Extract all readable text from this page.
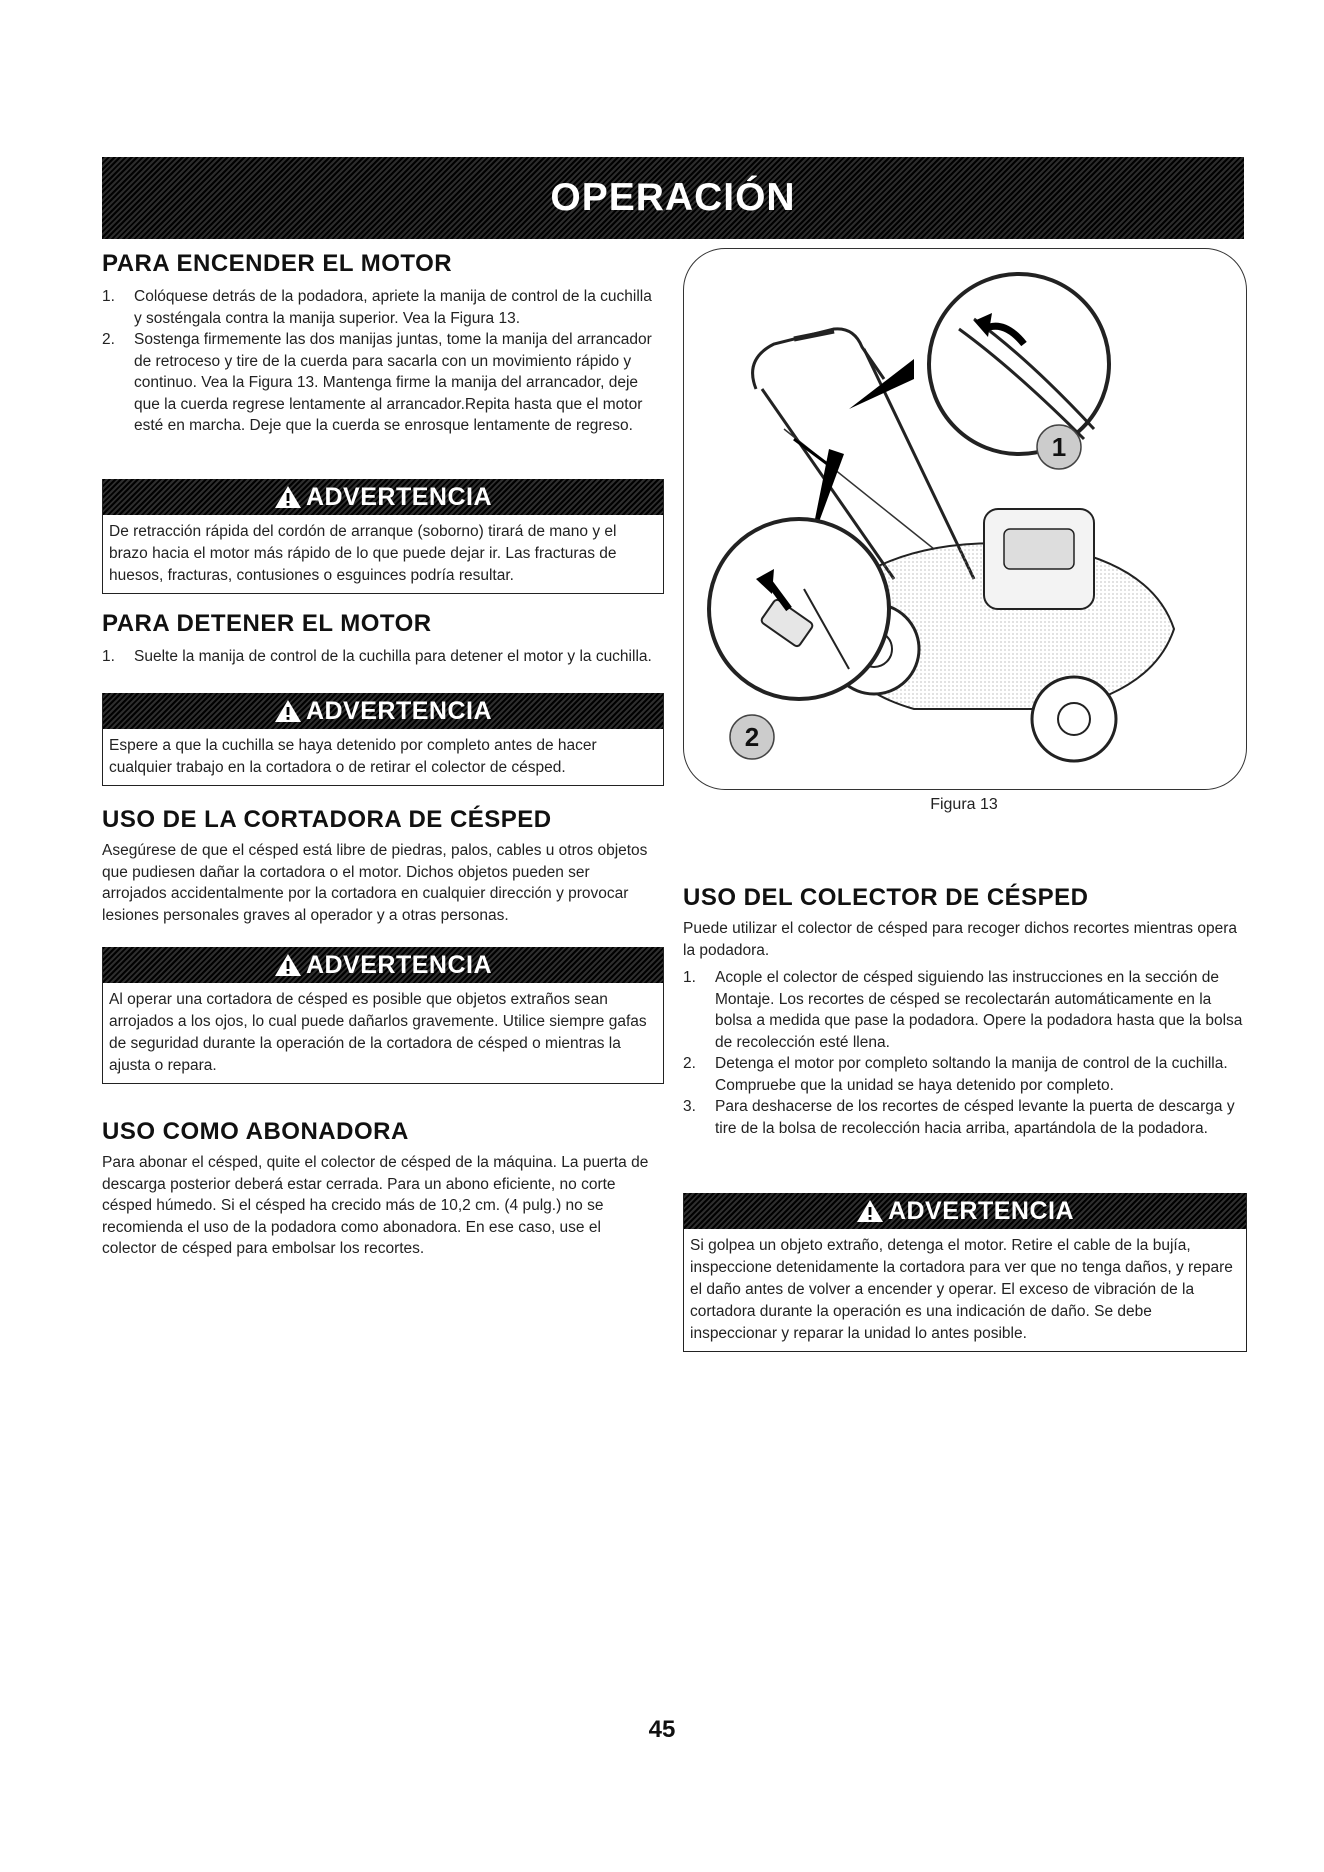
OPERACIÓN
PARA ENCENDER EL MOTOR
1. Colóquese detrás de la podadora, apriete la manija de control de la cuchilla y sosténgala contra la manija superior. Vea la Figura 13.
2. Sostenga firmemente las dos manijas juntas, tome la manija del arrancador de retroceso y tire de la cuerda para sacarla con un movimiento rápido y continuo. Vea la Figura 13. Mantenga firme la manija del arrancador, deje que la cuerda regrese lentamente al arrancador.Repita hasta que el motor esté en marcha. Deje que la cuerda se enrosque lentamente de regreso.
ADVERTENCIA
De retracción rápida del cordón de arranque (soborno) tirará de mano y el brazo hacia el motor más rápido de lo que puede dejar ir. Las fracturas de huesos, fracturas, contusiones o esguinces podría resultar.
PARA DETENER EL MOTOR
1. Suelte la manija de control de la cuchilla para detener el motor y la cuchilla.
ADVERTENCIA
Espere a que la cuchilla se haya detenido por completo antes de hacer cualquier trabajo en la cortadora o de retirar el colector de césped.
USO DE LA CORTADORA DE CÉSPED

Asegúrese de que el césped está libre de piedras, palos, cables u otros objetos que pudiesen dañar la cortadora o el motor. Dichos objetos pueden ser arrojados accidentalmente por la cortadora en cualquier dirección y provocar lesiones personales graves al operador y a otras personas.

ADVERTENCIA
Al operar una cortadora de césped es posible que objetos extraños sean arrojados a los ojos, lo cual puede dañarlos gravemente. Utilice siempre gafas de seguridad durante la operación de la cortadora de césped o mientras la ajusta o repara.
USO COMO ABONADORA

Para abonar el césped, quite el colector de césped de la máquina. La puerta de descarga posterior deberá estar cerrada. Para un abono eficiente, no corte césped húmedo. Si el césped ha crecido más de 10,2 cm. (4 pulg.) no se recomienda el uso de la podadora como abonadora. En ese caso, use el colector de césped para embolsar los recortes.

1
2
Figura 13
USO DEL COLECTOR DE CÉSPED

Puede utilizar el colector de césped para recoger dichos recortes mientras opera la podadora.

1. Acople el colector de césped siguiendo las instrucciones en la sección de Montaje. Los recortes de césped se recolectarán automáticamente en la bolsa a medida que pase la podadora. Opere la podadora hasta que la bolsa de recolección esté llena.
2. Detenga el motor por completo soltando la manija de control de la cuchilla. Compruebe que la unidad se haya detenido por completo.
3. Para deshacerse de los recortes de césped levante la puerta de descarga y tire de la bolsa de recolección hacia arriba, apartándola de la podadora.
ADVERTENCIA
Si golpea un objeto extraño, detenga el motor. Retire el cable de la bujía, inspeccione detenidamente la cortadora para ver que no tenga daños, y repare el daño antes de volver a encender y operar. El exceso de vibración de la cortadora durante la operación es una indicación de daño. Se debe inspeccionar y reparar la unidad lo antes posible.
45
